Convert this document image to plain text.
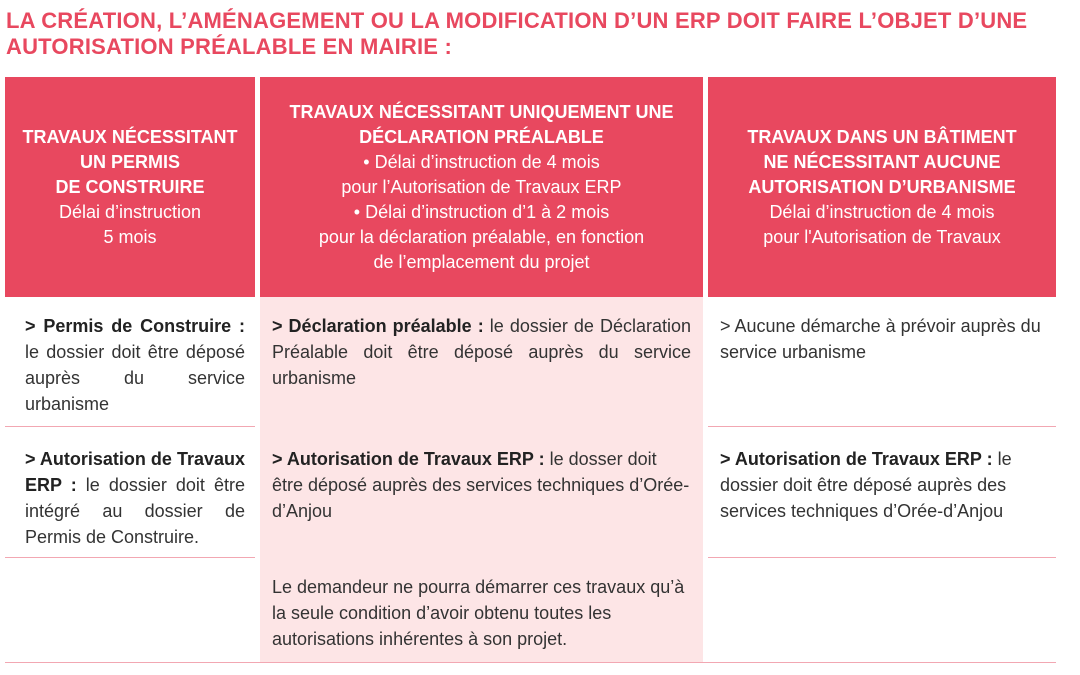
LA CRÉATION, L’AMÉNAGEMENT OU LA MODIFICATION D’UN ERP DOIT FAIRE L’OBJET D’UNE AUTORISATION PRÉALABLE EN MAIRIE :
TRAVAUX NÉCESSITANT
UN PERMIS
DE CONSTRUIRE
Délai d’instruction
5 mois
TRAVAUX NÉCESSITANT UNIQUEMENT UNE
DÉCLARATION PRÉALABLE
• Délai d’instruction de 4 mois
pour l’Autorisation de Travaux ERP
• Délai d’instruction d’1 à 2 mois
pour la déclaration préalable, en fonction
de l’emplacement du projet
TRAVAUX DANS UN BÂTIMENT
NE NÉCESSITANT AUCUNE
AUTORISATION D’URBANISME
Délai d’instruction de 4 mois
pour l'Autorisation de Travaux
> Permis de Construire : le dossier doit être déposé auprès du service urbanisme
> Déclaration préalable : le dossier de Déclaration Préalable doit être déposé auprès du service urbanisme
> Aucune démarche à prévoir auprès du service urbanisme
> Autorisation de Travaux ERP : le dossier doit être intégré au dossier de Permis de Construire.
> Autorisation de Travaux ERP : le dosser doit être déposé auprès des services techniques d’Orée-d’Anjou
> Autorisation de Travaux ERP : le dossier doit être déposé auprès des services techniques d’Orée-d’Anjou
Le demandeur ne pourra démarrer ces travaux qu’à la seule condition d’avoir obtenu toutes les autorisations inhérentes à son projet.
